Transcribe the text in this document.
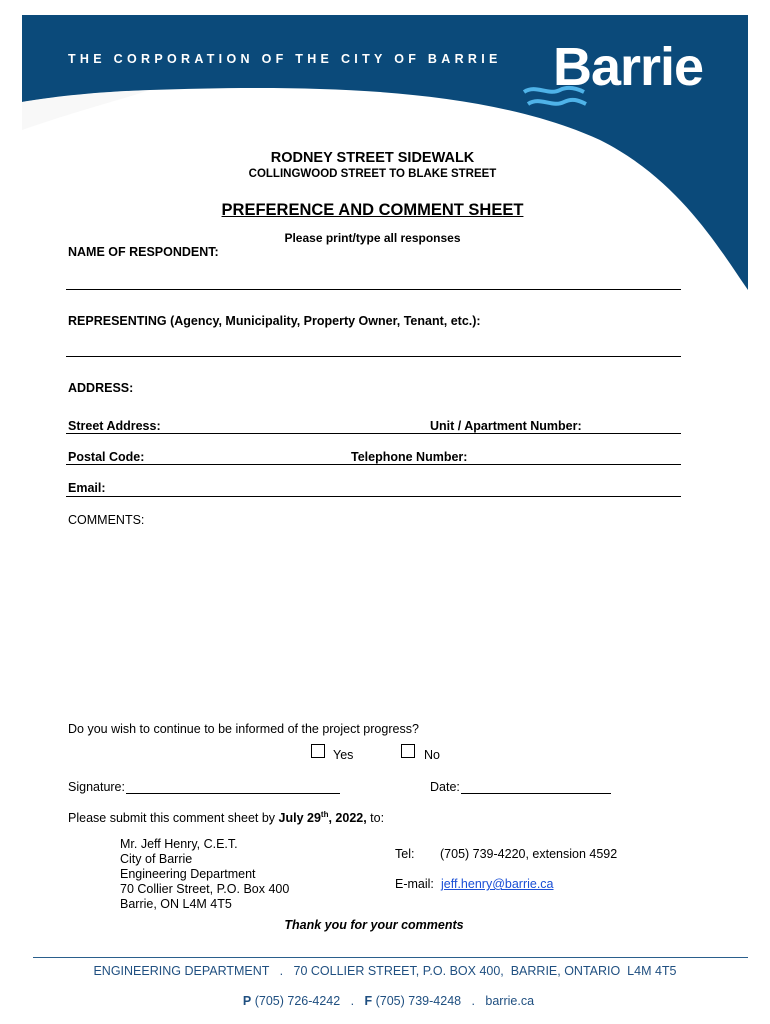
THE CORPORATION OF THE CITY OF BARRIE Barrie
RODNEY STREET SIDEWALK
COLLINGWOOD STREET TO BLAKE STREET
PREFERENCE AND COMMENT SHEET
Please print/type all responses
NAME OF RESPONDENT:
REPRESENTING (Agency, Municipality, Property Owner, Tenant, etc.):
ADDRESS:
Street Address:	Unit / Apartment Number:
Postal Code:	Telephone Number:
Email:
COMMENTS:
Do you wish to continue to be informed of the project progress?
Yes	No
Signature:	Date:
Please submit this comment sheet by July 29th, 2022, to:
Mr. Jeff Henry, C.E.T.
City of Barrie
Engineering Department
70 Collier Street, P.O. Box 400
Barrie, ON L4M 4T5
Tel: (705) 739-4220, extension 4592
E-mail: jeff.henry@barrie.ca
Thank you for your comments
ENGINEERING DEPARTMENT   .   70 COLLIER STREET, P.O. BOX 400,  BARRIE, ONTARIO  L4M 4T5

P (705) 726-4242   .   F (705) 739-4248   .   barrie.ca
